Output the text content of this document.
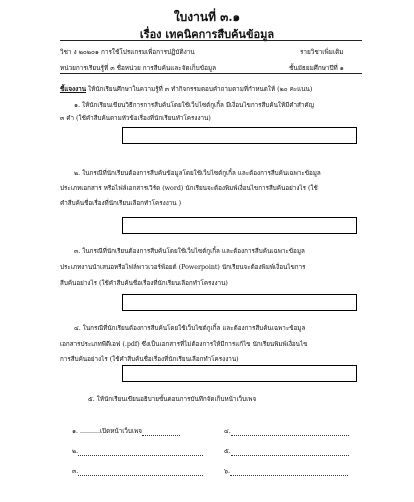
ใบงานที่ ๓.๑
เรื่อง เทคนิคการสืบค้นข้อมูล
วิชา ง ๒๐๒๐๑ การใช้โปรแกรมเพื่อการปฏิบัติงาน	รายวิชาเพิ่มเติม
หน่วยการเรียนรู้ที่ ๓ ชื่อหน่วย การสืบค้นและจัดเก็บข้อมูล	ชั้นมัธยมศึกษาปีที่ ๑
ชี้แจงงาน ให้นักเรียนศึกษาในความรู้ที่ ๓ ทำกิจกรรมตอบคำถามตามที่กำหนดให้ (๒๐ คะแนน)
๑. ให้นักเรียนเขียนวิธีการการสืบค้นโดยใช้เว็บไซต์กูเกิ้ล มีเงื่อนไขการสืบค้นให้มีคำสำคัญ
๓ คำ (ใช้คำสืบค้นตามหัวข้อเรื่องที่นักเรียนทำโครงงาน)
๒. ในกรณีที่นักเรียนต้องการสืบค้นข้อมูลโดยใช้เว็บไซต์กูเกิ้ล และต้องการสืบค้นเฉพาะข้อมูล
ประเภทเอกสาร หรือไฟล์เอกสารเวิร์ด (word) นักเรียนจะต้องพิมพ์เงื่อนไขการสืบค้นอย่างไร (ใช้
คำสืบค้นชื่อเรื่องที่นักเรียนเลือกทำโครงงาน )
๓. ในกรณีที่นักเรียนต้องการสืบค้นโดยใช้เว็บไซต์กูเกิ้ล และต้องการสืบค้นเฉพาะข้อมูล
ประเภทงานนำเสนอหรือไฟล์พาวเวอร์พ้อยต์ (Powerpoint) นักเรียนจะต้องพิมพ์เงื่อนไขการ
สืบค้นอย่างไร (ใช้คำสืบค้นชื่อเรื่องที่นักเรียนเลือกทำโครงงาน)
๔. ในกรณีที่นักเรียนต้องการสืบค้นโดยใช้เว็บไซต์กูเกิ้ล และต้องการสืบค้นเฉพาะข้อมูล
เอกสารประเภทพีดีเอฟ (.pdf) ซึ่งเป็นเอกสารที่ไม่ต้องการให้มีการแก้ไข นักเรียนพิมพ์เงื่อนไข
การสืบค้นอย่างไร (ใช้คำสืบค้นชื่อเรื่องที่นักเรียนเลือกทำโครงงาน)
๕. ให้นักเรียนเขียนอธิบายขั้นตอนการบันทึกจัดเก็บหน้าเว็บเพจ
๑. ..........เปิดหน้าเว็บเพจ	๔.
๒.	๕.
๓.	๖.
